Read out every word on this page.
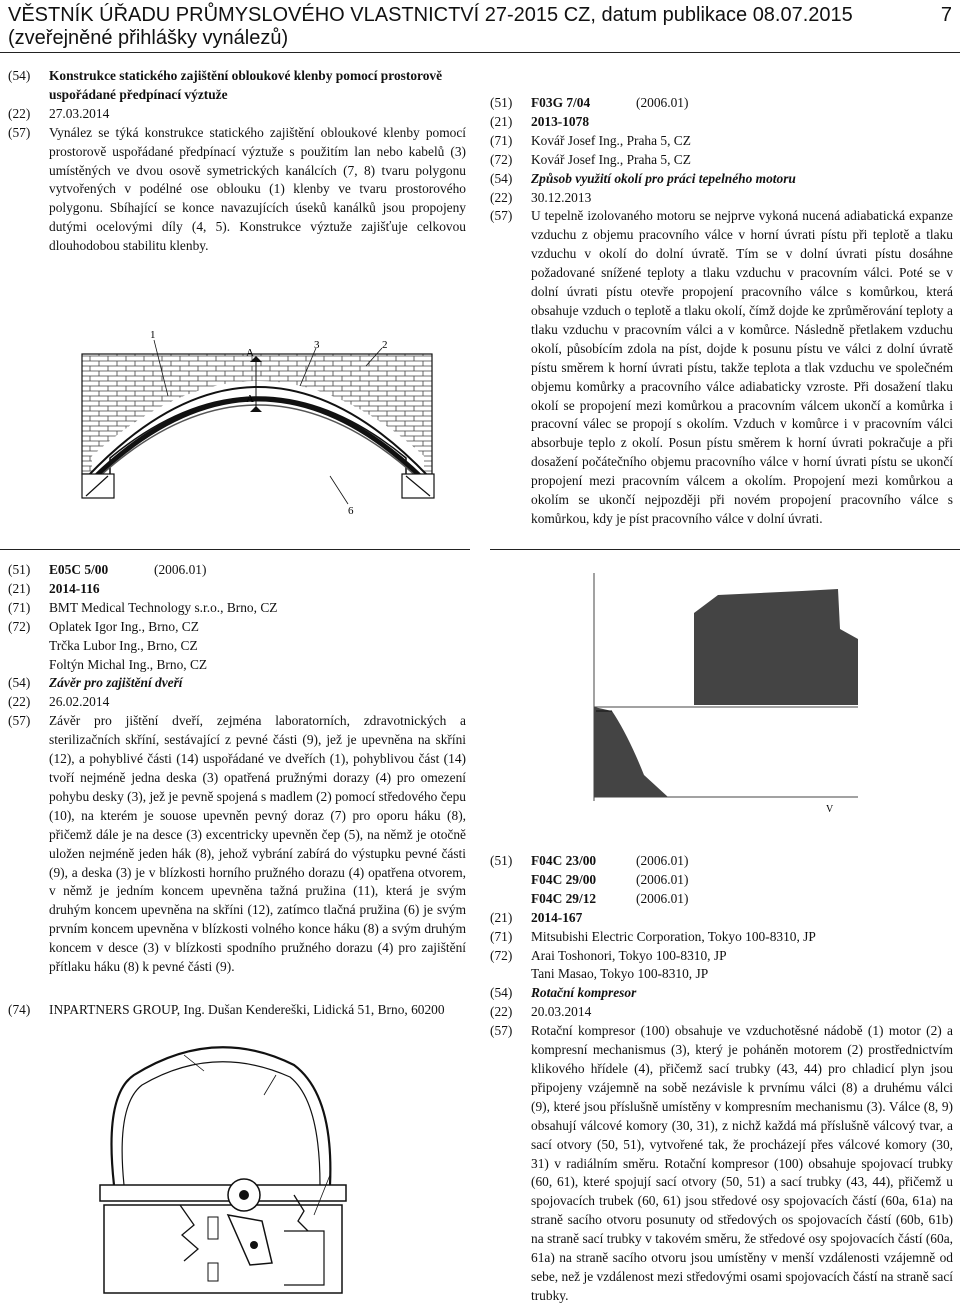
VĚSTNÍK ÚŘADU PRŮMYSLOVÉHO VLASTNICTVÍ 27-2015 CZ, datum publikace 08.07.2015
(zveřejněné přihlášky vynálezů)
7
(54)	Konstrukce statického zajištění obloukové klenby pomocí prostorově uspořádané předpínací výztuže
(22)	27.03.2014
(57)	Vynález se týká konstrukce statického zajištění obloukové klenby pomocí prostorově uspořádané předpínací výztuže s použitím lan nebo kabelů (3) umístěných ve dvou osově symetrických kanálcích (7, 8) tvaru polygonu vytvořených v podélné ose oblouku (1) klenby ve tvaru prostorového polygonu. Sbíhající se konce navazujících úseků kanálků jsou propojeny dutými ocelovými díly (4, 5). Konstrukce výztuže zajišťuje celkovou dlouhodobou stabilitu klenby.
1
3	2
A
A
6
(51)	F03G 7/04	(2006.01)
(21)	2013-1078
(71)	Kovář Josef Ing., Praha 5, CZ
(72)	Kovář Josef Ing., Praha 5, CZ
(54)	Způsob využití okolí pro práci tepelného motoru
(22)	30.12.2013
(57)	U tepelně izolovaného motoru se nejprve vykoná nucená adiabatická expanze vzduchu z objemu pracovního válce v horní úvrati pístu při teplotě a tlaku vzduchu v okolí do dolní úvratě. Tím se v dolní úvrati pístu dosáhne požadované snížené teploty a tlaku vzduchu v pracovním válci. Poté se v dolní úvrati pístu otevře propojení pracovního válce s komůrkou, která obsahuje vzduch o teplotě a tlaku okolí, čímž dojde ke zprůměrování teploty a tlaku vzduchu v pracovním válci a v komůrce. Následně přetlakem vzduchu okolí, působícím zdola na píst, dojde k posunu pístu ve válci z dolní úvratě pístu směrem k horní úvrati pístu, takže teplota a tlak vzduchu ve společném objemu komůrky a pracovního válce adiabaticky vzroste. Při dosažení tlaku okolí se propojení mezi komůrkou a pracovním válcem ukončí a komůrka i pracovní válec se propojí s okolím. Vzduch v komůrce i v pracovním válci absorbuje teplo z okolí. Posun pístu směrem k horní úvrati pokračuje a při dosažení počátečního objemu pracovního válce v horní úvrati pístu se ukončí propojení mezi pracovním válcem a okolím. Propojení mezi komůrkou a okolím se ukončí nejpozději při novém propojení pracovního válce s komůrkou, kdy je píst pracovního válce v dolní úvrati.
(51)	E05C 5/00	(2006.01)
(21)	2014-116
(71)	BMT Medical Technology s.r.o., Brno, CZ
(72)	Oplatek Igor Ing., Brno, CZ
Trčka Lubor Ing., Brno, CZ
Foltýn Michal Ing., Brno, CZ
(54)	Závěr pro zajištění dveří
(22)	26.02.2014
(57)	Závěr pro jištění dveří, zejména laboratorních, zdravotnických a sterilizačních skříní, sestávající z pevné části (9), jež je upevněna na skříni (12), a pohyblivé části (14) uspořádané ve dveřích (1), pohyblivou část (14) tvoří nejméně jedna deska (3) opatřená pružnými dorazy (4) pro omezení pohybu desky (3), jež je pevně spojená s madlem (2) pomocí středového čepu (10), na kterém je souose upevněn pevný doraz (7) pro oporu háku (8), přičemž dále je na desce (3) excentricky upevněn čep (5), na němž je otočně uložen nejméně jeden hák (8), jehož vybrání zabírá do výstupku pevné části (9), a deska (3) je v blízkosti horního pružného dorazu (4) opatřena otvorem, v němž je jedním koncem upevněna tažná pružina (11), která je svým druhým koncem upevněna na skříni (12), zatímco tlačná pružina (6) je svým prvním koncem upevněna v blízkosti volného konce háku (8) a svým druhým koncem v desce (3) v blízkosti spodního pružného dorazu (4) pro zajištění přítlaku háku (8) k pevné části (9).
(74)	INPARTNERS GROUP, Ing. Dušan Kendereški, Lidická 51, Brno, 60200
V
(51)	F04C 23/00	(2006.01)
F04C 29/00	(2006.01)
F04C 29/12	(2006.01)
(21)	2014-167
(71)	Mitsubishi Electric Corporation, Tokyo 100-8310, JP
(72)	Arai Toshonori, Tokyo 100-8310, JP
Tani Masao, Tokyo 100-8310, JP
(54)	Rotační kompresor
(22)	20.03.2014
(57)	Rotační kompresor (100) obsahuje ve vzduchotěsné nádobě (1) motor (2) a kompresní mechanismus (3), který je poháněn motorem (2) prostřednictvím klikového hřídele (4), přičemž sací trubky (43, 44) pro chladicí plyn jsou připojeny vzájemně na sobě nezávisle k prvnímu válci (8) a druhému válci (9), které jsou příslušně umístěny v kompresním mechanismu (3). Válce (8, 9) obsahují válcové komory (30, 31), z nichž každá má příslušně válcový tvar, a sací otvory (50, 51), vytvořené tak, že procházejí přes válcové komory (30, 31) v radiálním směru. Rotační kompresor (100) obsahuje spojovací trubky (60, 61), které spojují sací otvory (50, 51) a sací trubky (43, 44), přičemž u spojovacích trubek (60, 61) jsou středové osy spojovacích částí (60a, 61a) na straně sacího otvoru posunuty od středových os spojovacích částí (60b, 61b) na straně sací trubky v takovém směru, že středové osy spojovacích částí (60a, 61a) na straně sacího otvoru jsou umístěny v menší vzdálenosti vzájemně od sebe, než je vzdálenost mezi středovými osami spojovacích částí na straně sací trubky.
